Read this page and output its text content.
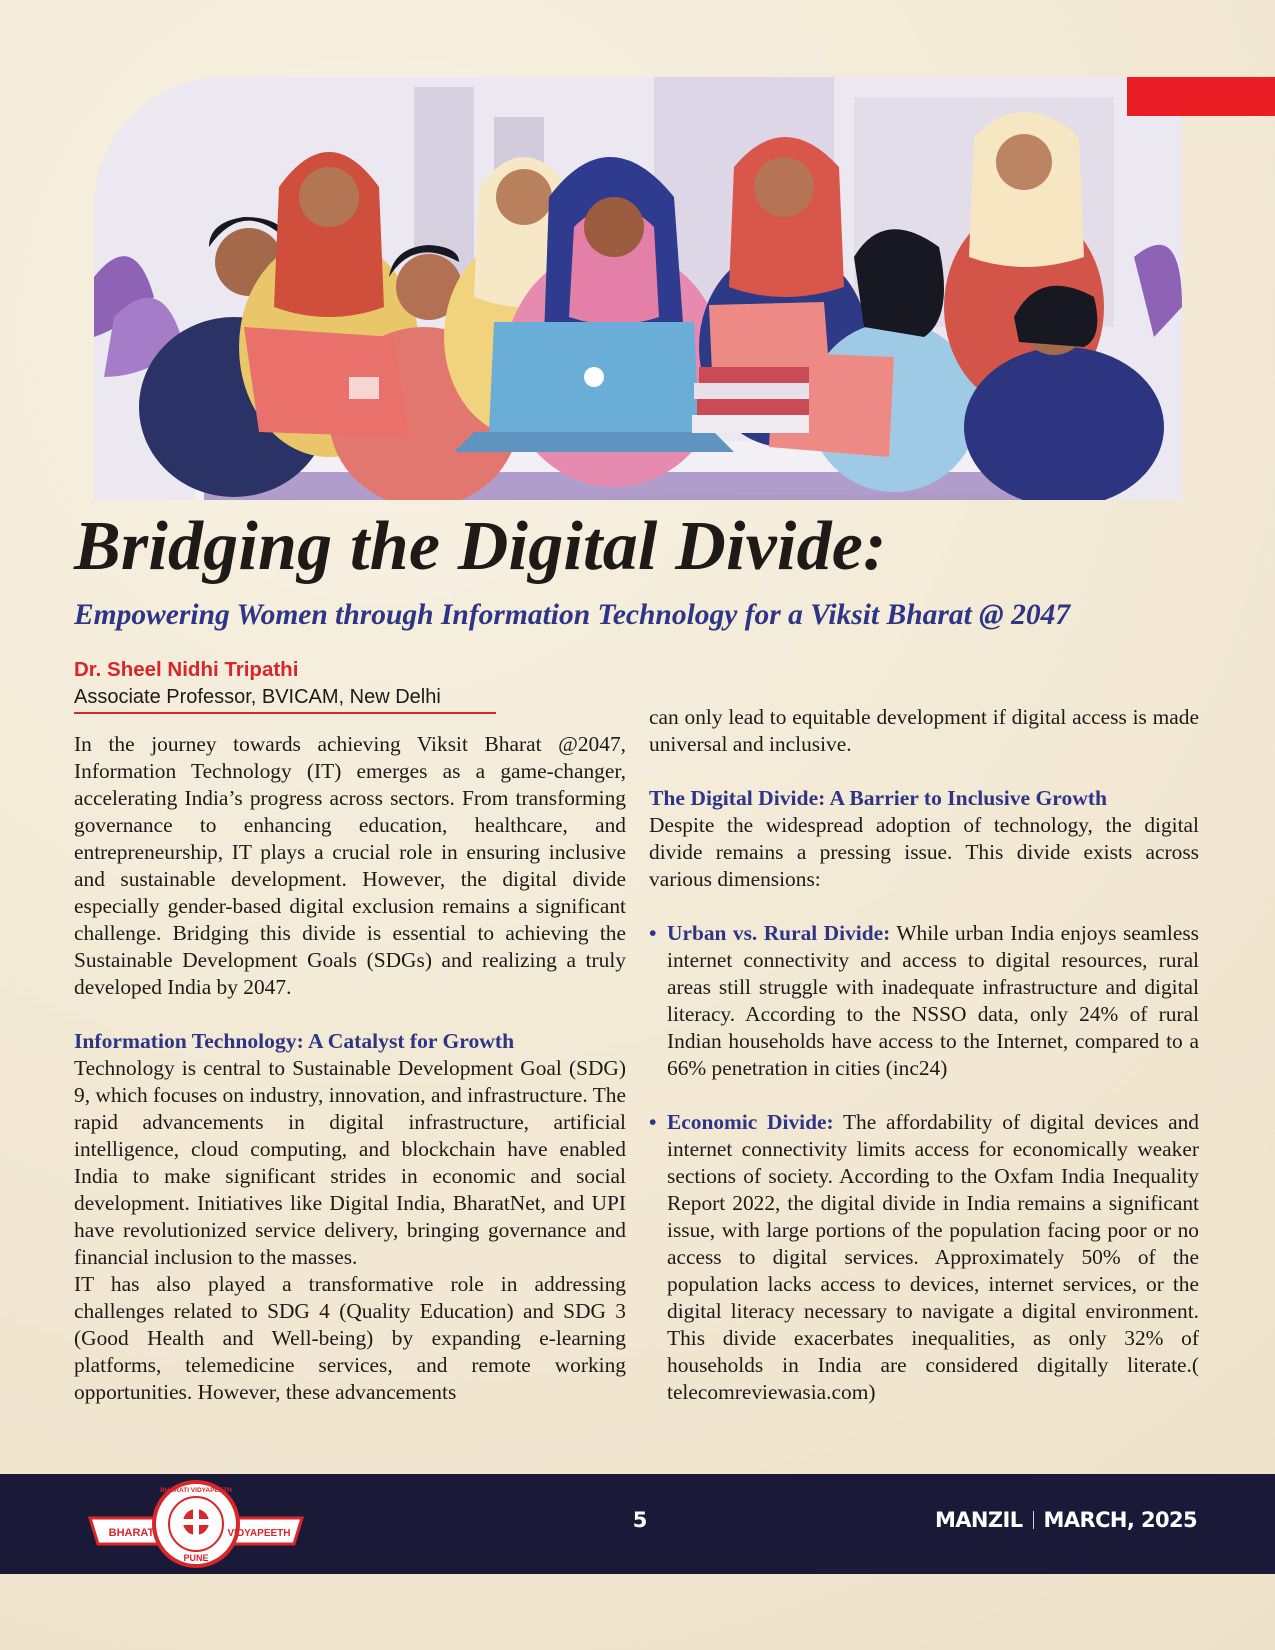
Bridging the Digital Divide:
Empowering Women through Information Technology for a Viksit Bharat @ 2047
Dr. Sheel Nidhi Tripathi
Associate Professor, BVICAM, New Delhi

In the journey towards achieving Viksit Bharat @2047, Information Technology (IT) emerges as a game-changer, accelerating India’s progress across sectors. From transforming governance to enhancing education, healthcare, and entrepreneurship, IT plays a crucial role in ensuring inclusive and sustainable development. However, the digital divide especially gender-based digital exclusion remains a significant challenge. Bridging this divide is essential to achieving the Sustainable Development Goals (SDGs) and realizing a truly developed India by 2047.

Information Technology: A Catalyst for Growth

Technology is central to Sustainable Development Goal (SDG) 9, which focuses on industry, innovation, and infrastructure. The rapid advancements in digital infrastructure, artificial intelligence, cloud computing, and blockchain have enabled India to make significant strides in economic and social development. Initiatives like Digital India, BharatNet, and UPI have revolutionized service delivery, bringing governance and financial inclusion to the masses.

IT has also played a transformative role in addressing challenges related to SDG 4 (Quality Education) and SDG 3 (Good Health and Well-being) by expanding e-learning platforms, telemedicine services, and remote working opportunities. However, these advancements

can only lead to equitable development if digital access is made universal and inclusive.

The Digital Divide: A Barrier to Inclusive Growth

Despite the widespread adoption of technology, the digital divide remains a pressing issue. This divide exists across various dimensions:

• Urban vs. Rural Divide: While urban India enjoys seamless internet connectivity and access to digital resources, rural areas still struggle with inadequate infrastructure and digital literacy. According to the NSSO data, only 24% of rural Indian households have access to the Internet, compared to a 66% penetration in cities (inc24)

• Economic Divide: The affordability of digital devices and internet connectivity limits access for economically weaker sections of society. According to the Oxfam India Inequality Report 2022, the digital divide in India remains a significant issue, with large portions of the population facing poor or no access to digital services. Approximately 50% of the population lacks access to devices, internet services, or the digital literacy necessary to navigate a digital environment. This divide exacerbates inequalities, as only 32% of households in India are considered digitally literate.( telecomreviewasia.com)

BHARATI	VIDYAPEETH
PUNE
BHARATI VIDYAPEETH
5	MANZIL MARCH, 2025
